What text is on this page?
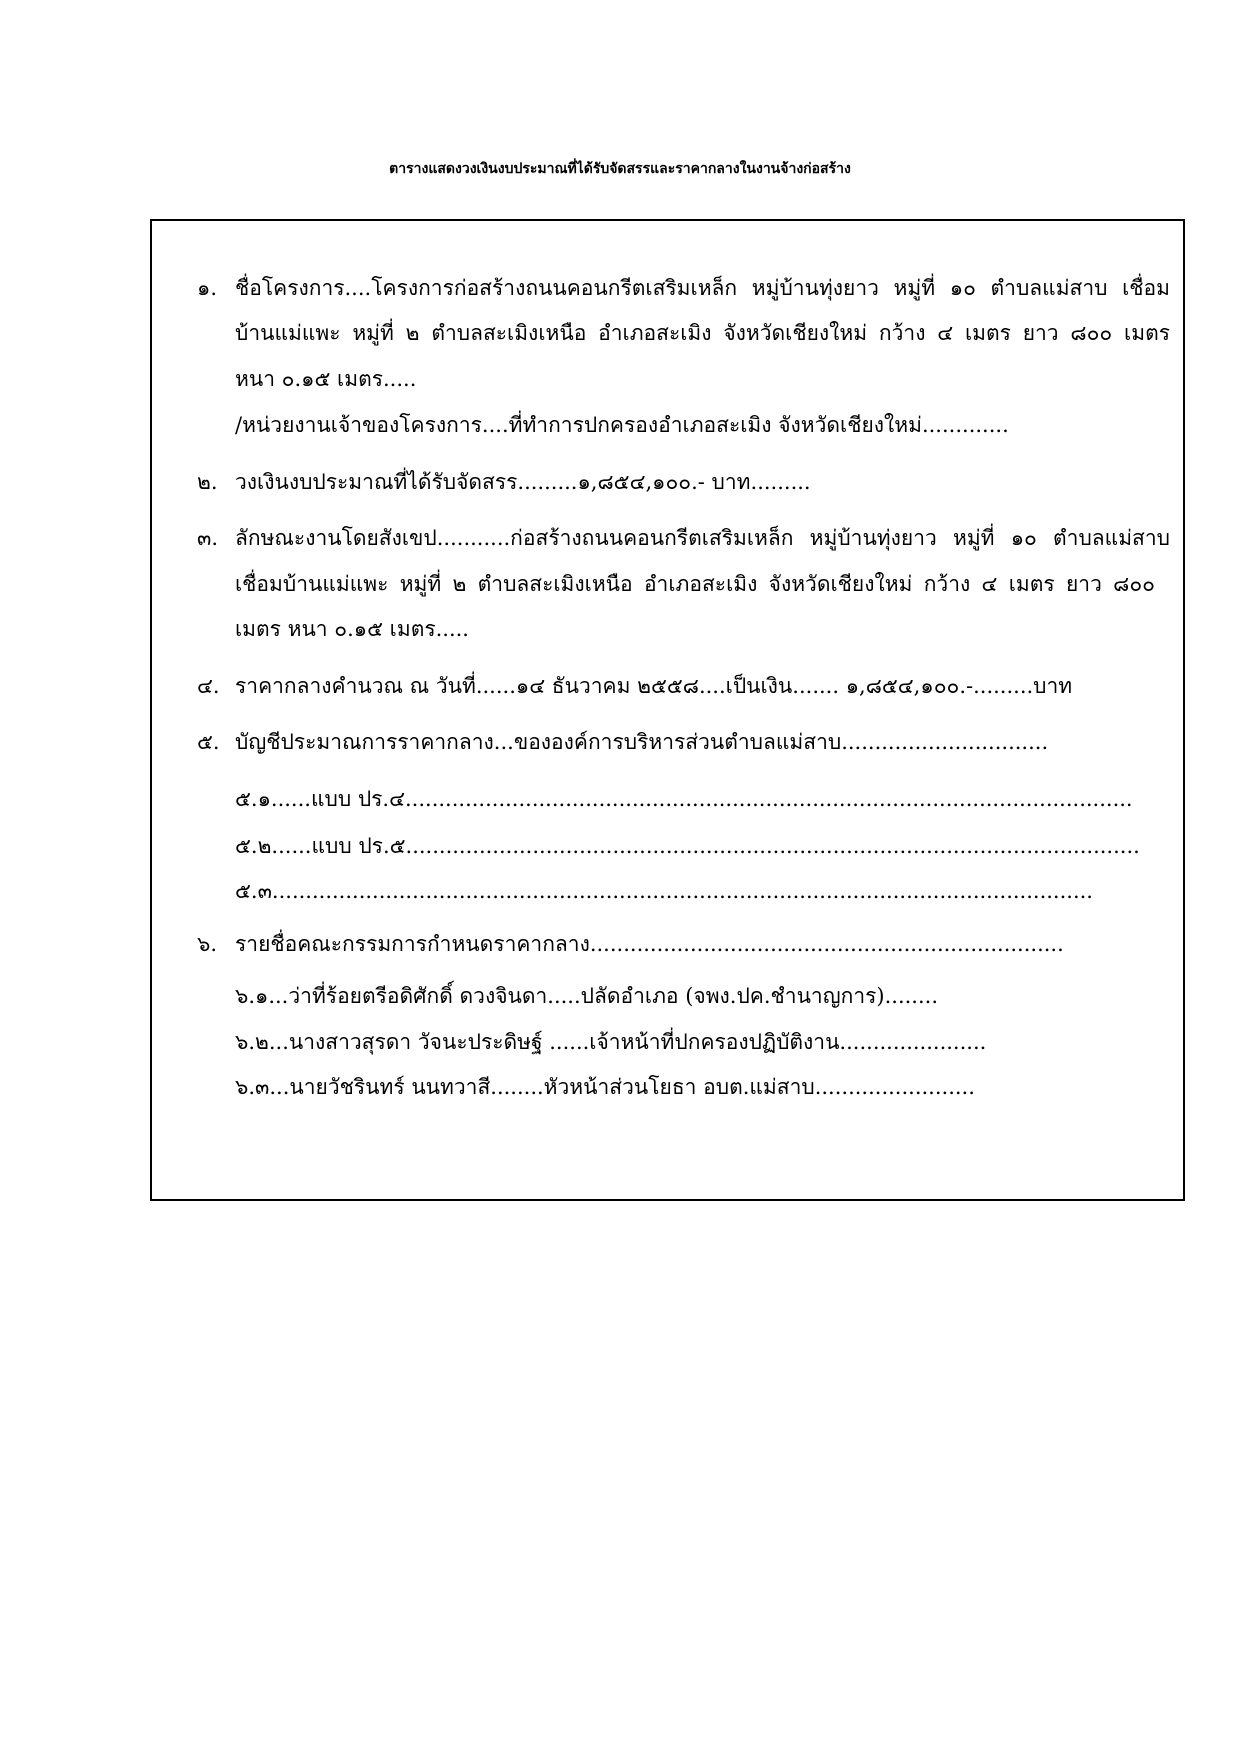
ตารางแสดงวงเงินงบประมาณที่ได้รับจัดสรรและราคากลางในงานจ้างก่อสร้าง
๑. ชื่อโครงการ....โครงการก่อสร้างถนนคอนกรีตเสริมเหล็ก หมู่บ้านทุ่งยาว หมู่ที่ ๑๐ ตำบลแม่สาบ เชื่อม
บ้านแม่แพะ หมู่ที่ ๒ ตำบลสะเมิงเหนือ อำเภอสะเมิง จังหวัดเชียงใหม่ กว้าง ๔ เมตร ยาว ๘๐๐ เมตร
หนา ๐.๑๕ เมตร.....
/หน่วยงานเจ้าของโครงการ....ที่ทำการปกครองอำเภอสะเมิง จังหวัดเชียงใหม่.............
๒. วงเงินงบประมาณที่ได้รับจัดสรร.........๑,๘๕๔,๑๐๐.- บาท.........
๓. ลักษณะงานโดยสังเขป...........ก่อสร้างถนนคอนกรีตเสริมเหล็ก หมู่บ้านทุ่งยาว หมู่ที่ ๑๐ ตำบลแม่สาบ
เชื่อมบ้านแม่แพะ หมู่ที่ ๒ ตำบลสะเมิงเหนือ อำเภอสะเมิง จังหวัดเชียงใหม่ กว้าง ๔ เมตร ยาว ๘๐๐
เมตร หนา ๐.๑๕ เมตร.....
๔. ราคากลางคำนวณ ณ วันที่......๑๔ ธันวาคม ๒๕๕๘....เป็นเงิน....... ๑,๘๕๔,๑๐๐.-.........บาท
๕. บัญชีประมาณการราคากลาง...ขององค์การบริหารส่วนตำบลแม่สาบ...............................
๕.๑......แบบ ปร.๔.............................................................................................................
๕.๒......แบบ ปร.๕..............................................................................................................
๕.๓...........................................................................................................................
๖. รายชื่อคณะกรรมการกำหนดราคากลาง.......................................................................
๖.๑...ว่าที่ร้อยตรีอดิศักดิ์ ดวงจินดา.....ปลัดอำเภอ (จพง.ปค.ชำนาญการ)........
๖.๒...นางสาวสุรดา วัจนะประดิษฐ์ ......เจ้าหน้าที่ปกครองปฏิบัติงาน......................
๖.๓...นายวัชรินทร์ นนทวาสี........หัวหน้าส่วนโยธา อบต.แม่สาบ........................
